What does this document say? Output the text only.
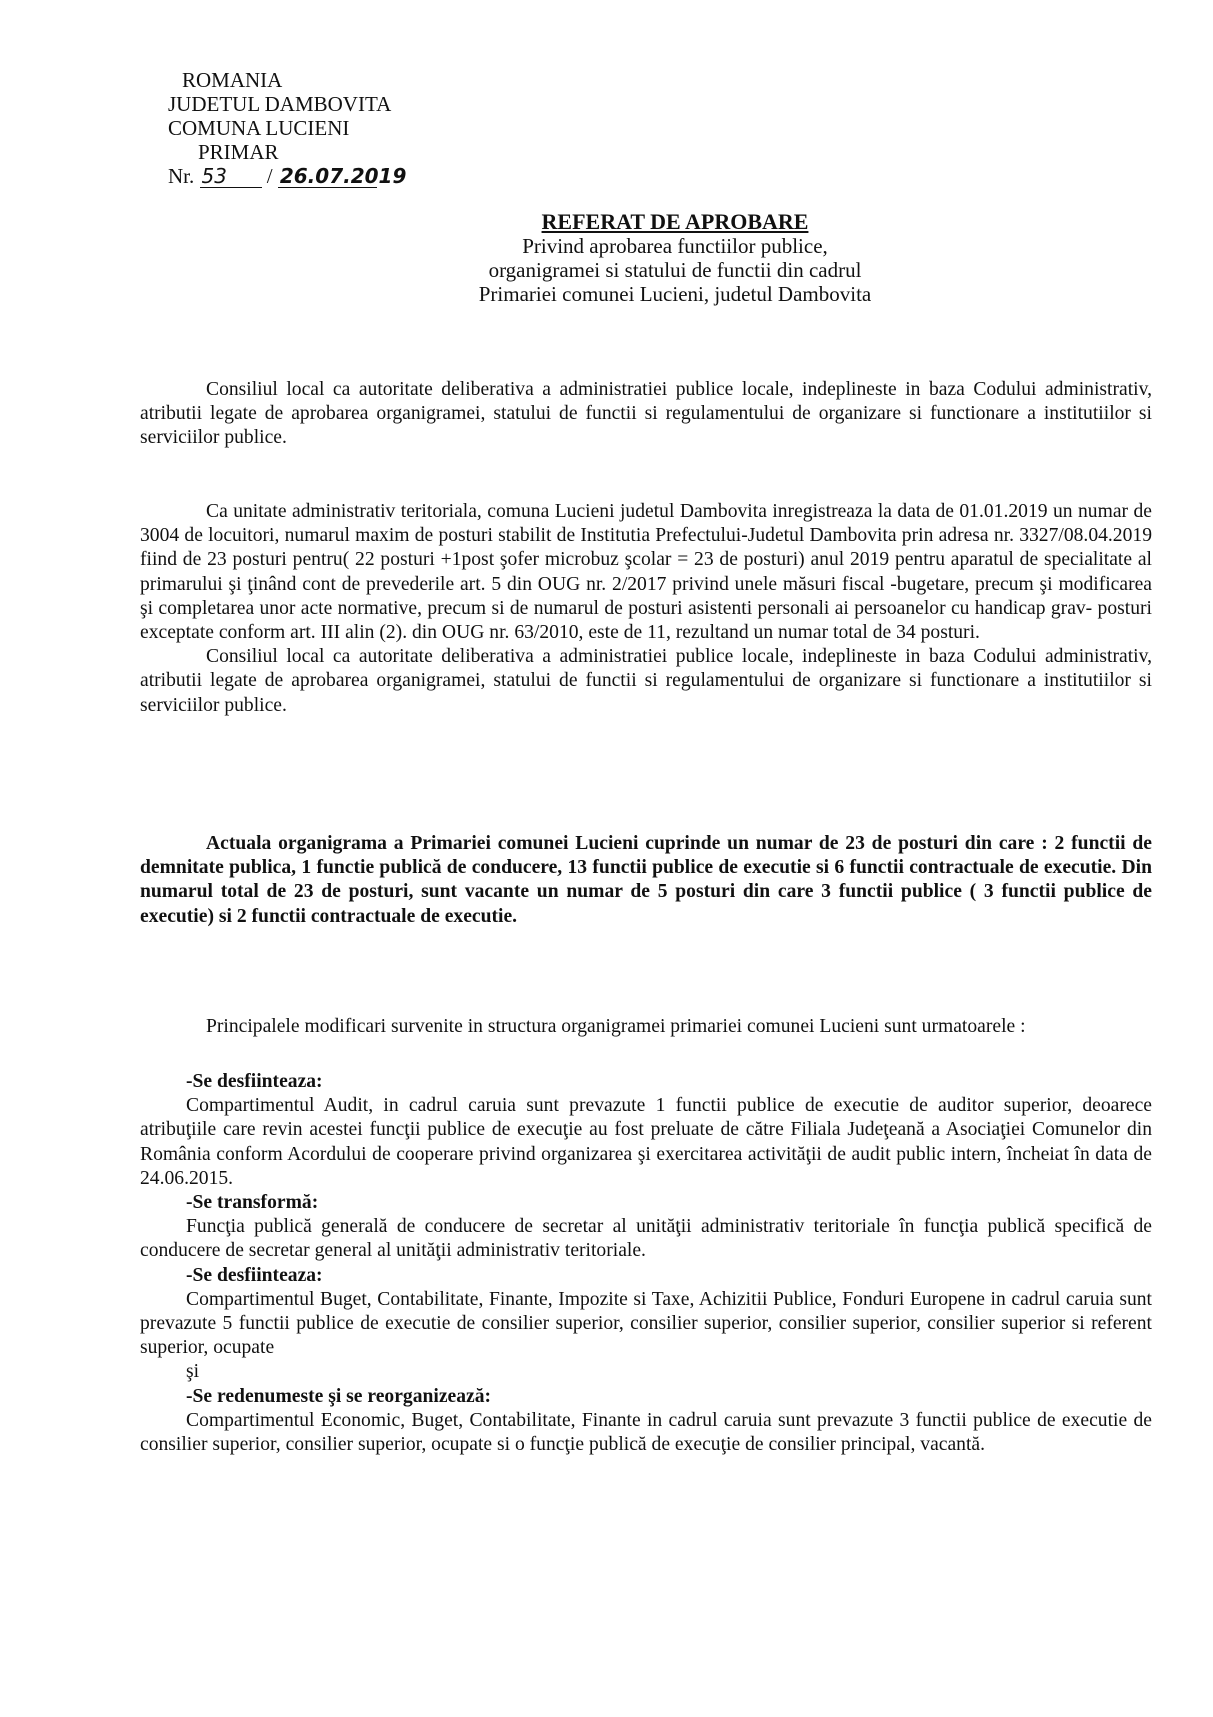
ROMANIA
JUDETUL DAMBOVITA
COMUNA LUCIENI
PRIMAR
Nr. 53 / 26.07.2019
REFERAT DE APROBARE
Privind aprobarea functiilor publice,
organigramei si statului de functii din cadrul
Primariei comunei Lucieni, judetul Dambovita

Consiliul local ca autoritate deliberativa a administratiei publice locale, indeplineste in baza Codului administrativ, atributii legate de aprobarea organigramei, statului de functii si regulamentului de organizare si functionare a institutiilor si serviciilor publice.

Ca unitate administrativ teritoriala, comuna Lucieni judetul Dambovita inregistreaza la data de 01.01.2019 un numar de 3004 de locuitori, numarul maxim de posturi stabilit de Institutia Prefectului-Judetul Dambovita prin adresa nr. 3327/08.04.2019 fiind de 23 posturi pentru( 22 posturi +1post şofer microbuz şcolar = 23 de posturi) anul 2019 pentru aparatul de specialitate al primarului şi ţinând cont de prevederile art. 5 din OUG nr. 2/2017 privind unele măsuri fiscal -bugetare, precum şi modificarea şi completarea unor acte normative, precum si de numarul de posturi asistenti personali ai persoanelor cu handicap grav- posturi exceptate conform art. III alin (2). din OUG nr. 63/2010, este de 11, rezultand un numar total de 34 posturi.

Consiliul local ca autoritate deliberativa a administratiei publice locale, indeplineste in baza Codului administrativ, atributii legate de aprobarea organigramei, statului de functii si regulamentului de organizare si functionare a institutiilor si serviciilor publice.

Actuala organigrama a Primariei comunei Lucieni cuprinde un numar de 23 de posturi din care : 2 functii de demnitate publica, 1 functie publică de conducere, 13 functii publice de executie si 6 functii contractuale de executie. Din numarul total de 23 de posturi, sunt vacante un numar de 5 posturi din care 3 functii publice ( 3 functii publice de executie) si 2 functii contractuale de executie.

Principalele modificari survenite in structura organigramei primariei comunei Lucieni sunt urmatoarele :

-Se desfiinteaza:

Compartimentul Audit, in cadrul caruia sunt prevazute 1 functii publice de executie de auditor superior, deoarece atribuţiile care revin acestei funcţii publice de execuţie au fost preluate de către Filiala Judeţeană a Asociaţiei Comunelor din România conform Acordului de cooperare privind organizarea şi exercitarea activităţii de audit public intern, încheiat în data de 24.06.2015.

-Se transformă:

Funcţia publică generală de conducere de secretar al unităţii administrativ teritoriale în funcţia publică specifică de conducere de secretar general al unităţii administrativ teritoriale.

-Se desfiinteaza:

Compartimentul Buget, Contabilitate, Finante, Impozite si Taxe, Achizitii Publice, Fonduri Europene in cadrul caruia sunt prevazute 5 functii publice de executie de consilier superior, consilier superior, consilier superior, consilier superior si referent superior, ocupate

şi

-Se redenumeste şi se reorganizează:

Compartimentul Economic, Buget, Contabilitate, Finante in cadrul caruia sunt prevazute 3 functii publice de executie de consilier superior, consilier superior, ocupate si o funcţie publică de execuţie de consilier principal, vacantă.
